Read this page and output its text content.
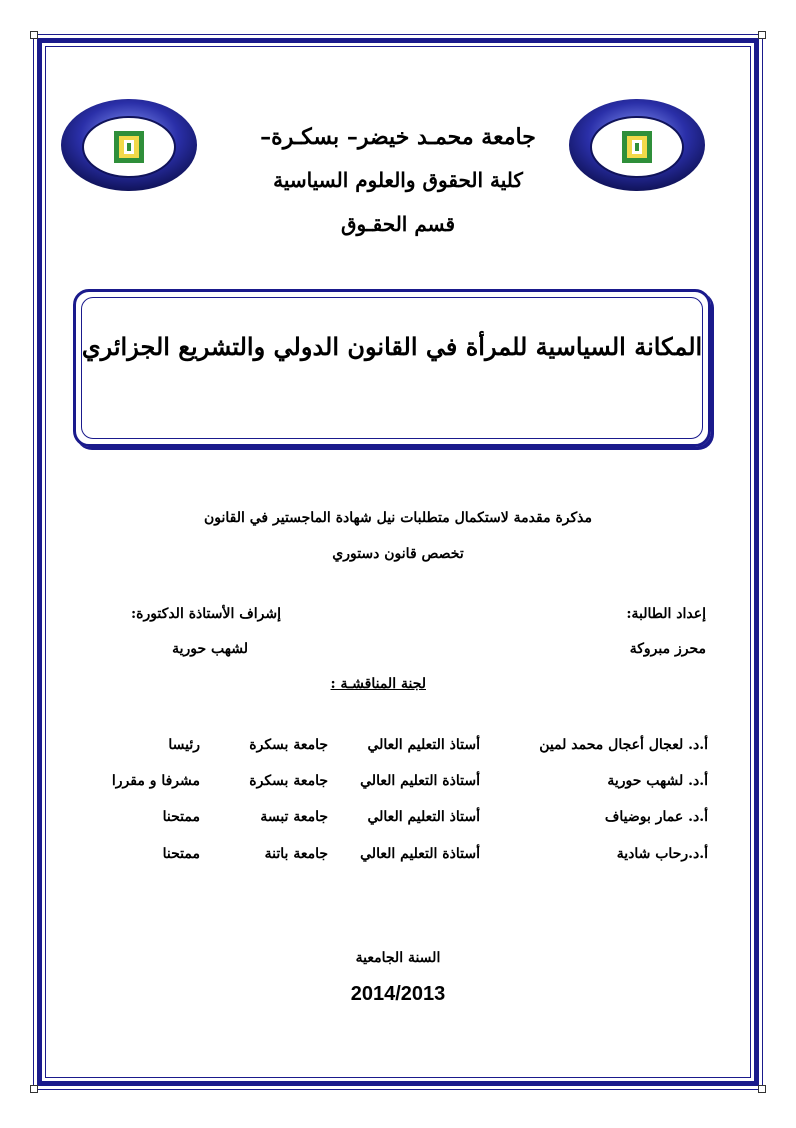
جامعة محمـد خيضر– بسكـرة–
كلية الحقوق والعلوم السياسية
قسم الحقـوق
المكانة السياسية للمرأة في القانون الدولي والتشريع الجزائري
مذكرة مقدمة لاستكمال متطلبات نيل شهادة الماجستير في القانون
تخصص قانون دستوري
إعداد الطالبة:
محرز مبروكة
إشراف الأستاذة الدكتورة:
لشهب حورية
لجنة المناقشـة :
أ.د. لعجال أعجال محمد لمين
أستاذ التعليم العالي
جامعة بسكرة
رئيسا
أ.د. لشهب حورية
أستاذة التعليم العالي
جامعة بسكرة
مشرفا و مقررا
أ.د. عمار بوضياف
أستاذ التعليم العالي
جامعة تبسة
ممتحنا
أ.د.رحاب شادية
أستاذة التعليم العالي
جامعة باتنة
ممتحنا
السنة الجامعية
2014/2013
